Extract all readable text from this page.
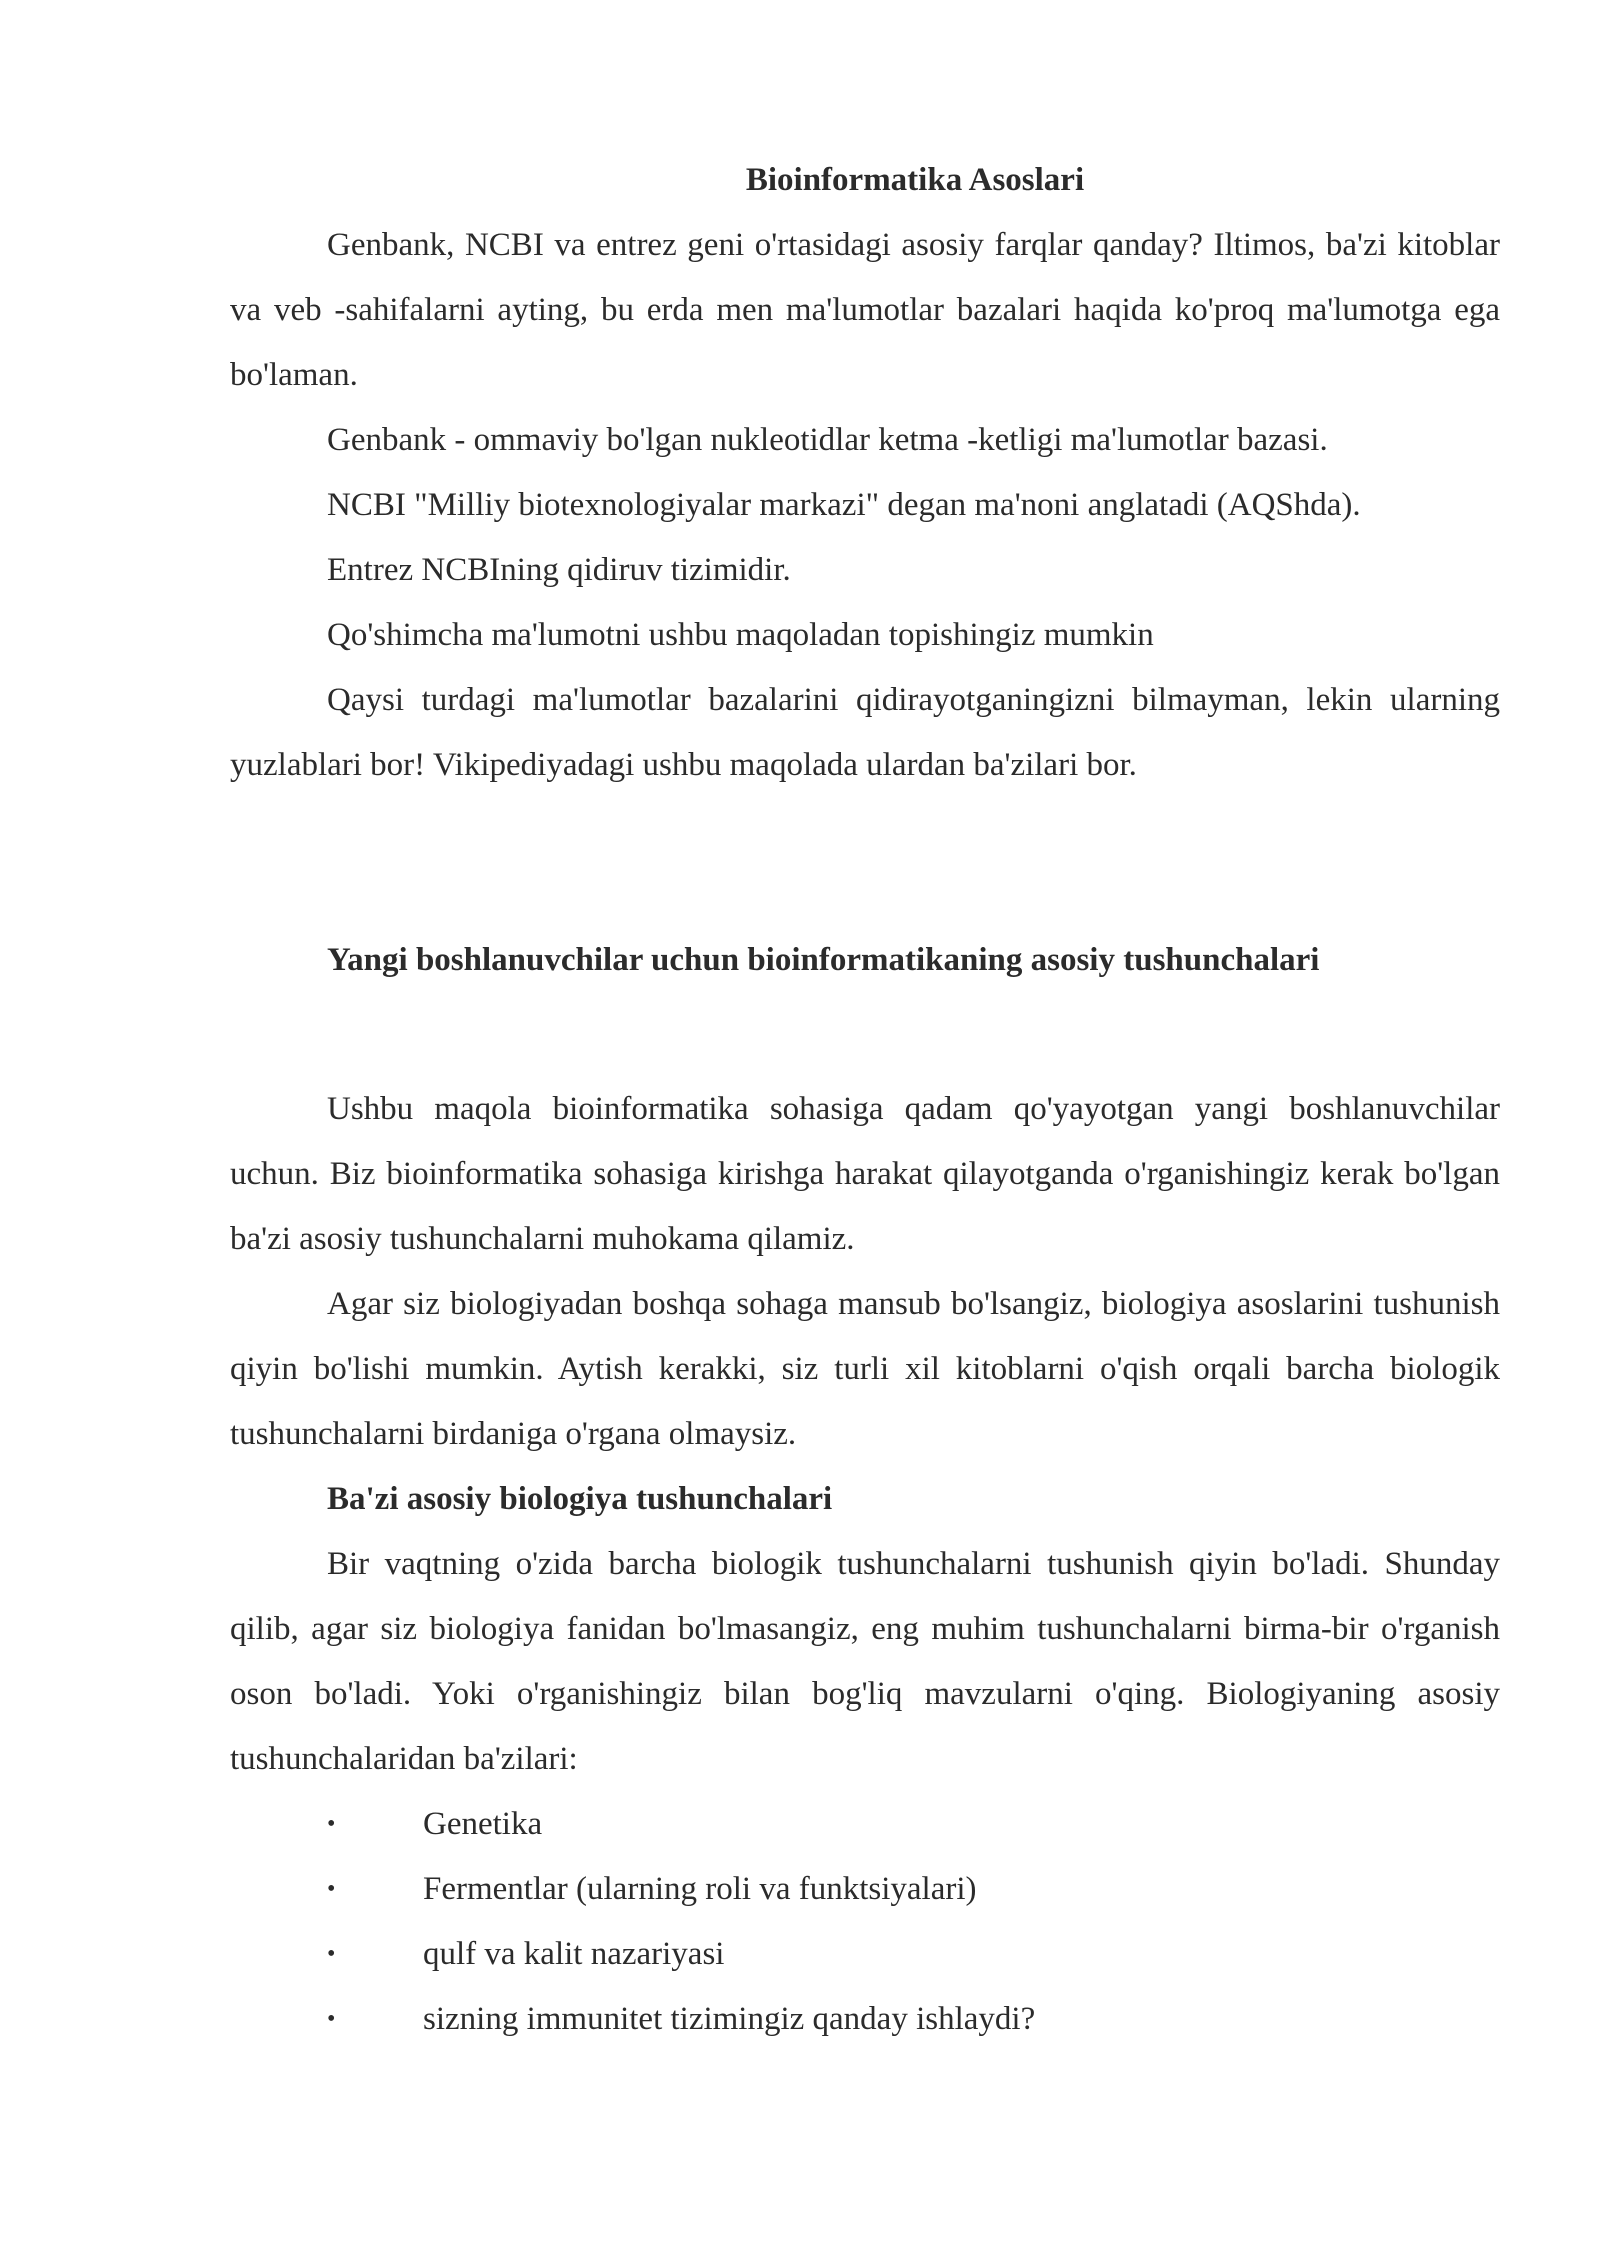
Bioinformatika Asoslari

Genbank, NCBI va entrez geni o'rtasidagi asosiy farqlar qanday? Iltimos, ba'zi kitoblar va veb -sahifalarni ayting, bu erda men ma'lumotlar bazalari haqida ko'proq ma'lumotga ega bo'laman.

Genbank - ommaviy bo'lgan nukleotidlar ketma -ketligi ma'lumotlar bazasi.

NCBI "Milliy biotexnologiyalar markazi" degan ma'noni anglatadi (AQShda).

Entrez NCBIning qidiruv tizimidir.

Qo'shimcha ma'lumotni ushbu maqoladan topishingiz mumkin

Qaysi turdagi ma'lumotlar bazalarini qidirayotganingizni bilmayman, lekin ularning yuzlablari bor! Vikipediyadagi ushbu maqolada ulardan ba'zilari bor.

Yangi boshlanuvchilar uchun bioinformatikaning asosiy tushunchalari

Ushbu maqola bioinformatika sohasiga qadam qo'yayotgan yangi boshlanuvchilar uchun. Biz bioinformatika sohasiga kirishga harakat qilayotganda o'rganishingiz kerak bo'lgan ba'zi asosiy tushunchalarni muhokama qilamiz.

Agar siz biologiyadan boshqa sohaga mansub bo'lsangiz, biologiya asoslarini tushunish qiyin bo'lishi mumkin. Aytish kerakki, siz turli xil kitoblarni o'qish orqali barcha biologik tushunchalarni birdaniga o'rgana olmaysiz.

Ba'zi asosiy biologiya tushunchalari

Bir vaqtning o'zida barcha biologik tushunchalarni tushunish qiyin bo'ladi. Shunday qilib, agar siz biologiya fanidan bo'lmasangiz, eng muhim tushunchalarni birma-bir o'rganish oson bo'ladi. Yoki o'rganishingiz bilan bog'liq mavzularni o'qing. Biologiyaning asosiy tushunchalaridan ba'zilari:

•	Genetika
•	Fermentlar (ularning roli va funktsiyalari)
•	qulf va kalit nazariyasi
•	sizning immunitet tizimingiz qanday ishlaydi?
